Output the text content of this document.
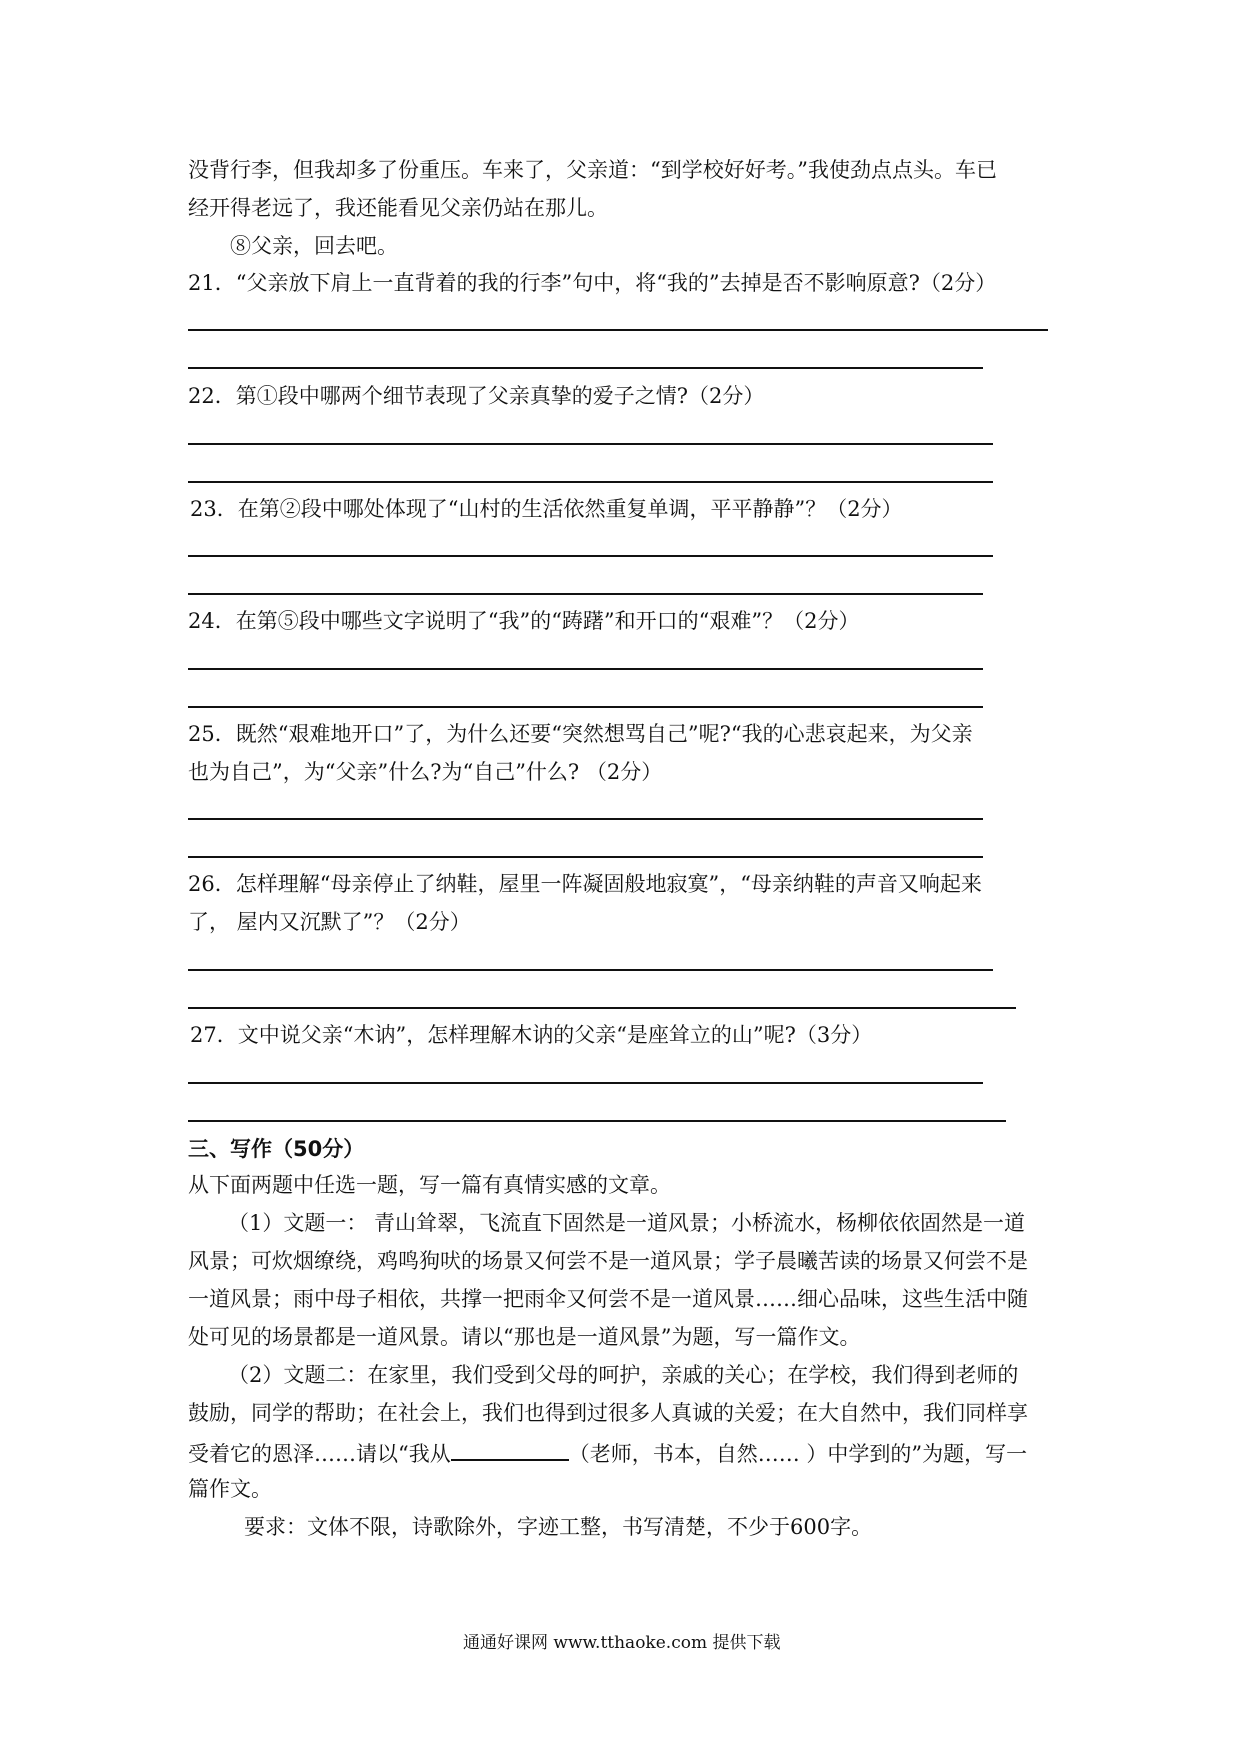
没背行李，但我却多了份重压。车来了，父亲道：“到学校好好考。”我使劲点点头。车已
经开得老远了，我还能看见父亲仍站在那儿。
⑧父亲，回去吧。
21．“父亲放下肩上一直背着的我的行李”句中，将“我的”去掉是否不影响原意?（2分）
22．第①段中哪两个细节表现了父亲真挚的爱子之情?（2分）
23．在第②段中哪处体现了“山村的生活依然重复单调，平平静静”？（2分）
24．在第⑤段中哪些文字说明了“我”的“踌躇”和开口的“艰难”？（2分）
25．既然“艰难地开口”了，为什么还要“突然想骂自己”呢?“我的心悲哀起来，为父亲
也为自己”，为“父亲”什么?为“自己”什么? （2分）
26．怎样理解“母亲停止了纳鞋，屋里一阵凝固般地寂寞”，“母亲纳鞋的声音又响起来
了， 屋内又沉默了”？（2分）
27．文中说父亲“木讷”，怎样理解木讷的父亲“是座耸立的山”呢?（3分）
三、写作（50分）
从下面两题中任选一题，写一篇有真情实感的文章。
（1）文题一： 青山耸翠，飞流直下固然是一道风景；小桥流水，杨柳依依固然是一道
风景；可炊烟缭绕，鸡鸣狗吠的场景又何尝不是一道风景；学子晨曦苦读的场景又何尝不是
一道风景；雨中母子相依，共撑一把雨伞又何尝不是一道风景……细心品味，这些生活中随
处可见的场景都是一道风景。请以“那也是一道风景”为题，写一篇作文。
（2）文题二：在家里，我们受到父母的呵护，亲戚的关心；在学校，我们得到老师的
鼓励，同学的帮助；在社会上，我们也得到过很多人真诚的关爱；在大自然中，我们同样享
受着它的恩泽……请以“我从	（老师，书本，自然…… ）中学到的”为题，写一
篇作文。
要求：文体不限，诗歌除外，字迹工整，书写清楚，不少于600字。
通通好课网 www.tthaoke.com 提供下载
